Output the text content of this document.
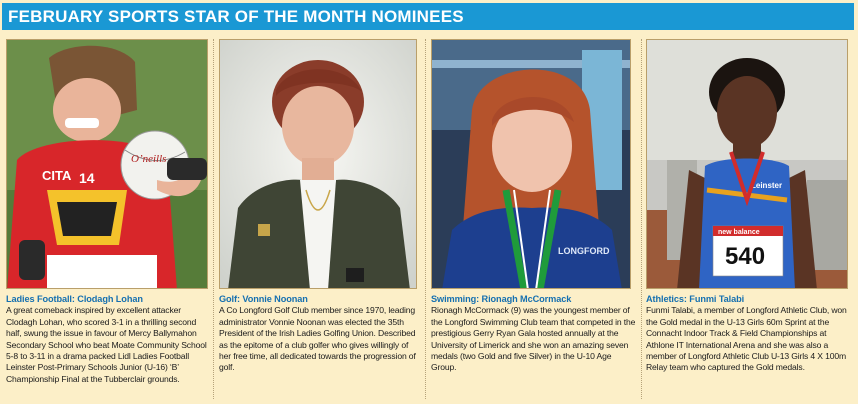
FEBRUARY SPORTS STAR OF THE MONTH NOMINEES
CITA 14
O’neills
Ladies Football: Clodagh Lohan
A great comeback inspired by excellent attacker Clodagh Lohan, who scored 3-1 in a thrilling second half, swung the issue in favour of Mercy Ballymahon Secondary School who beat Moate Community School 5-8 to 3-11 in a drama packed Lidl Ladies Football Leinster Post-Primary Schools Junior (U-16) ‘B’ Championship Final at the Tubberclair grounds.
Golf: Vonnie Noonan
A Co Longford Golf Club member since 1970, leading administrator Vonnie Noonan was elected the 35th President of the Irish Ladies Golfing Union. Described as the epitome of a club golfer who gives willingly of her free time, all dedicated towards the progression of golf.
LONGFORD
Swimming: Rionagh McCormack
Rionagh McCormack (9) was the youngest member of the Longford Swimming Club team that competed in the prestigious Gerry Ryan Gala hosted annually at the University of Limerick and she won an amazing seven medals (two Gold and five Silver) in the U-10 Age Group.
Leinster
new balance
540
Athletics: Funmi Talabi
Funmi Talabi, a member of Longford Athletic Club, won the Gold medal in the U-13 Girls 60m Sprint at the Connacht Indoor Track & Field Championships at Athlone IT International Arena and she was also a member of Longford Athletic Club U-13 Girls 4 X 100m Relay team who captured the Gold medals.
